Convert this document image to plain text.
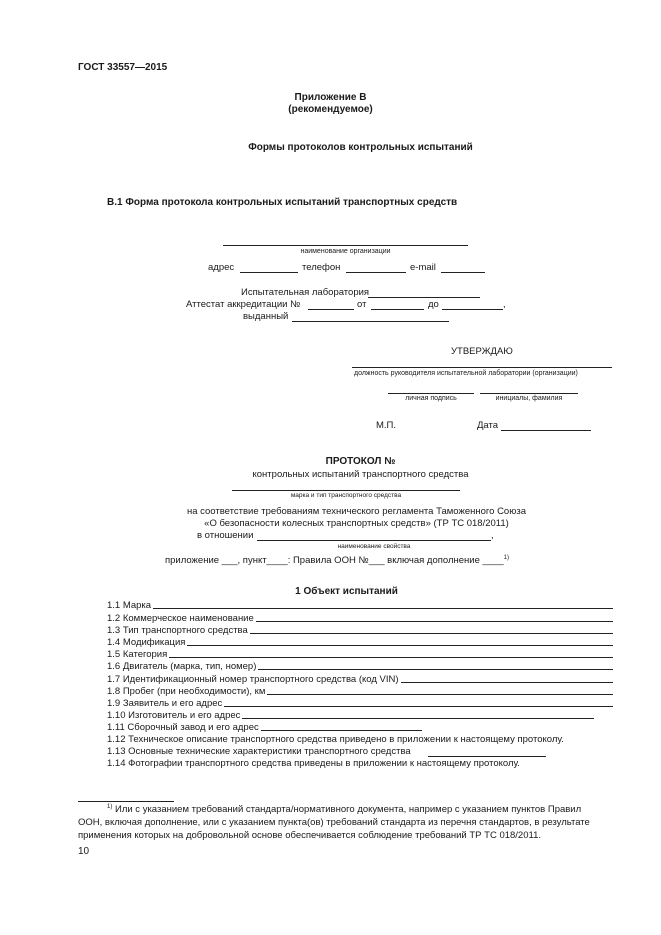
ГОСТ 33557—2015
Приложение В
(рекомендуемое)
Формы протоколов контрольных испытаний
В.1 Форма протокола контрольных испытаний транспортных средств
наименование организации
адрес	телефон	e-mail
Испытательная лаборатория
Аттестат аккредитации №	от	до	,
выданный
УТВЕРЖДАЮ
должность руководителя испытательной лаборатории (организации)
личная подпись	инициалы, фамилия
М.П.	Дата
ПРОТОКОЛ №
контрольных испытаний транспортного средства
марка и тип транспортного средства
на соответствие требованиям технического регламента Таможенного Союза
«О безопасности колесных транспортных средств» (ТР ТС 018/2011)
в отношении	,
наименование свойства
приложение ___, пункт____: Правила ООН №___ включая дополнение ____$^{1)}$
1 Объект испытаний
1.1 Марка
1.2 Коммерческое наименование
1.3 Тип транспортного средства
1.4 Модификация
1.5 Категория
1.6 Двигатель (марка, тип, номер)
1.7 Идентификационный номер транспортного средства (код VIN)
1.8 Пробег (при необходимости), км
1.9 Заявитель и его адрес
1.10 Изготовитель и его адрес
1.11 Сборочный завод и его адрес
1.12 Техническое описание транспортного средства приведено в приложении к настоящему протоколу.
1.13 Основные технические характеристики транспортного средства
1.14 Фотографии транспортного средства приведены в приложении к настоящему протоколу.
$^{1)}$ Или с указанием требований стандарта/нормативного документа, например с указанием пунктов Правил
ООН, включая дополнение, или с указанием пункта(ов) требований стандарта из перечня стандартов, в результате
применения которых на добровольной основе обеспечивается соблюдение требований ТР ТС 018/2011.
10
